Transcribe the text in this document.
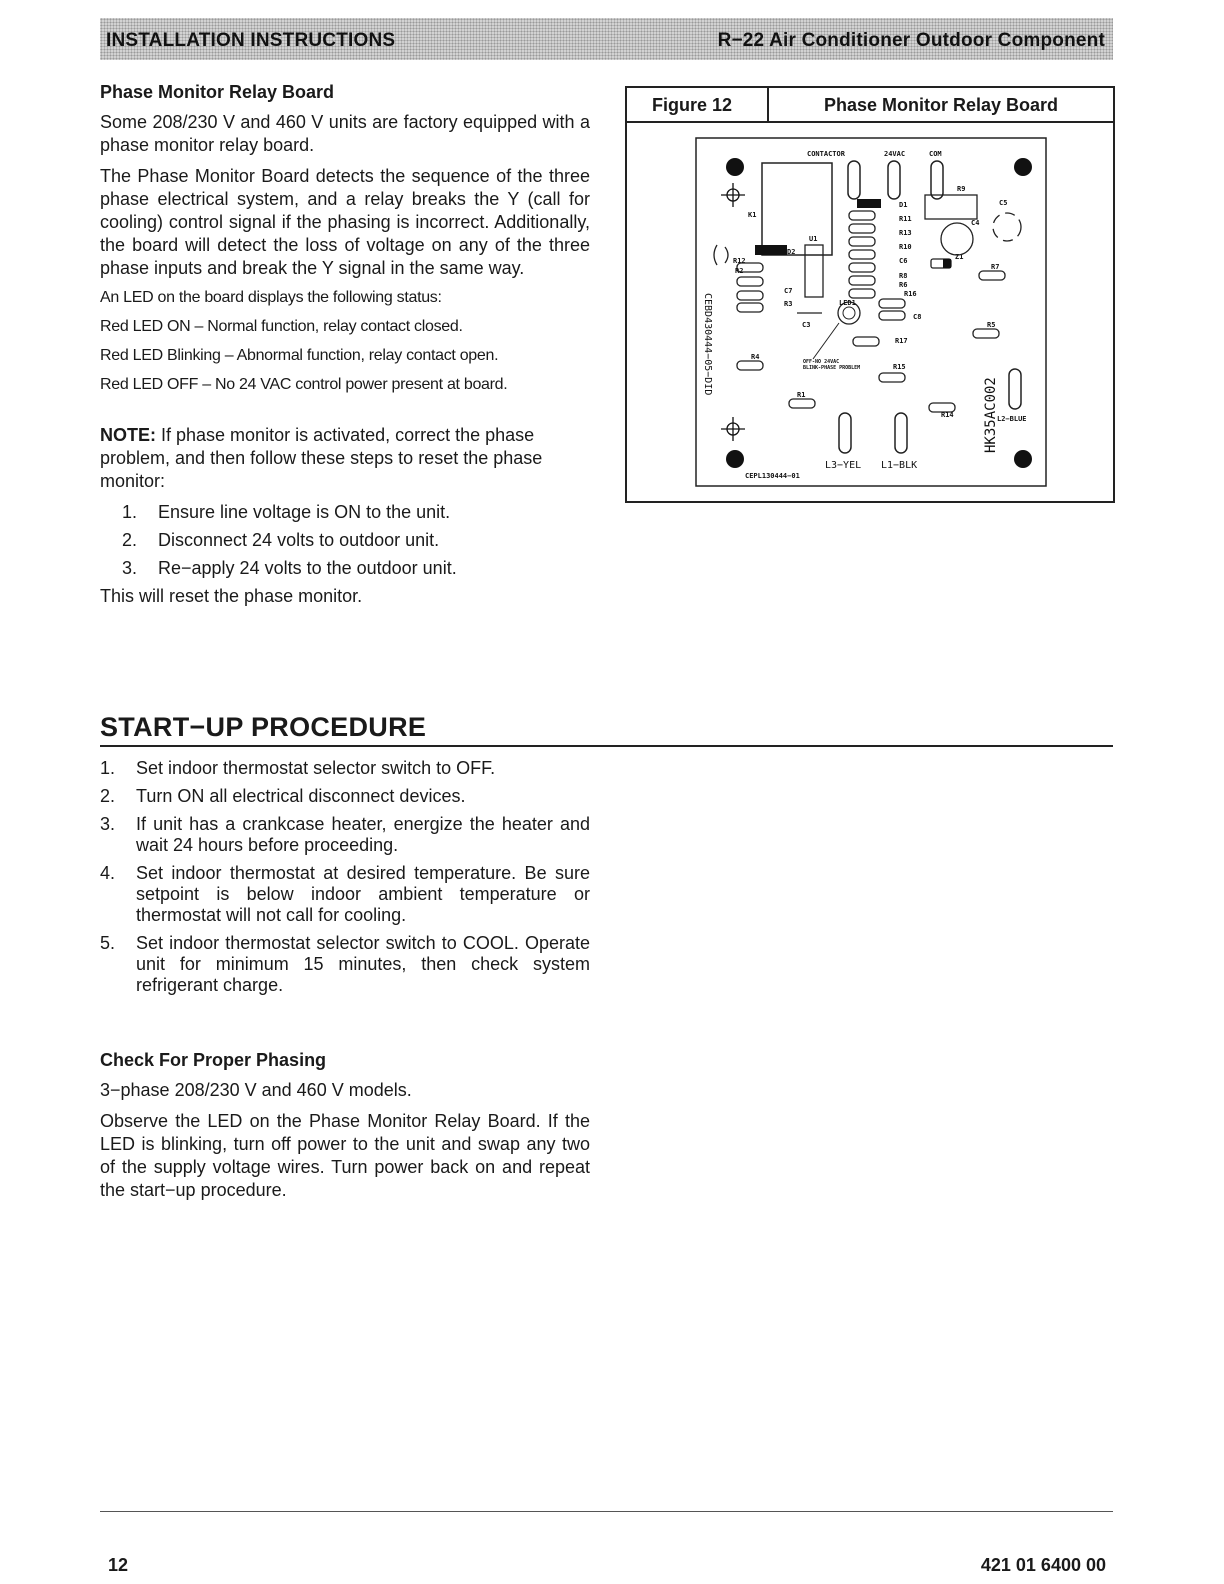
INSTALLATION INSTRUCTIONS	R−22 Air Conditioner Outdoor Component
Phase Monitor Relay Board

Some 208/230 V and 460 V units are factory equipped with a phase monitor relay board.

The Phase Monitor Board detects the sequence of the three phase electrical system, and a relay breaks the Y (call for cooling) control signal if the phasing is incorrect. Additionally, the board will detect the loss of voltage on any of the three phase inputs and break the Y signal in the same way.

An LED on the board displays the following status:

Red LED ON – Normal function, relay contact closed.

Red LED Blinking – Abnormal function, relay contact open.

Red LED OFF – No 24 VAC control power present at board.

NOTE: If phase monitor is activated, correct the phase problem, and then follow these steps to reset the phase monitor:

1. Ensure line voltage is ON to the unit.
2. Disconnect 24 volts to outdoor unit.
3. Re−apply 24 volts to the outdoor unit.

This will reset the phase monitor.

Figure 12	Phase Monitor Relay Board
K1
CONTACTOR	24VAC	COM
L3−YEL L1−BLK
L2−BLUE
CEPL130444−01
CEBD430444−05−DID
HK35AC002
D1
R11
R13
R10
C6
R8
R6
R16
U1
D2
C7
R3
C3
R12
R2
R4
R1
LED1
OFF-NO 24VAC
BLINK-PHASE PROBLEM
C8
R17
R15
R14
Z1
R7
R5
R9
C4
C5
START−UP PROCEDURE
1.	Set indoor thermostat selector switch to OFF.
2.	Turn ON all electrical disconnect devices.
3.	If unit has a crankcase heater, energize the heater and wait 24 hours before proceeding.
4.	Set indoor thermostat at desired temperature. Be sure setpoint is below indoor ambient temperature or thermostat will not call for cooling.
5.	Set indoor thermostat selector switch to COOL. Operate unit for minimum 15 minutes, then check system refrigerant charge.
Check For Proper Phasing

3−phase 208/230 V and 460 V models.

Observe the LED on the Phase Monitor Relay Board. If the LED is blinking, turn off power to the unit and swap any two of the supply voltage wires. Turn power back on and repeat the start−up procedure.

12	421 01 6400 00
